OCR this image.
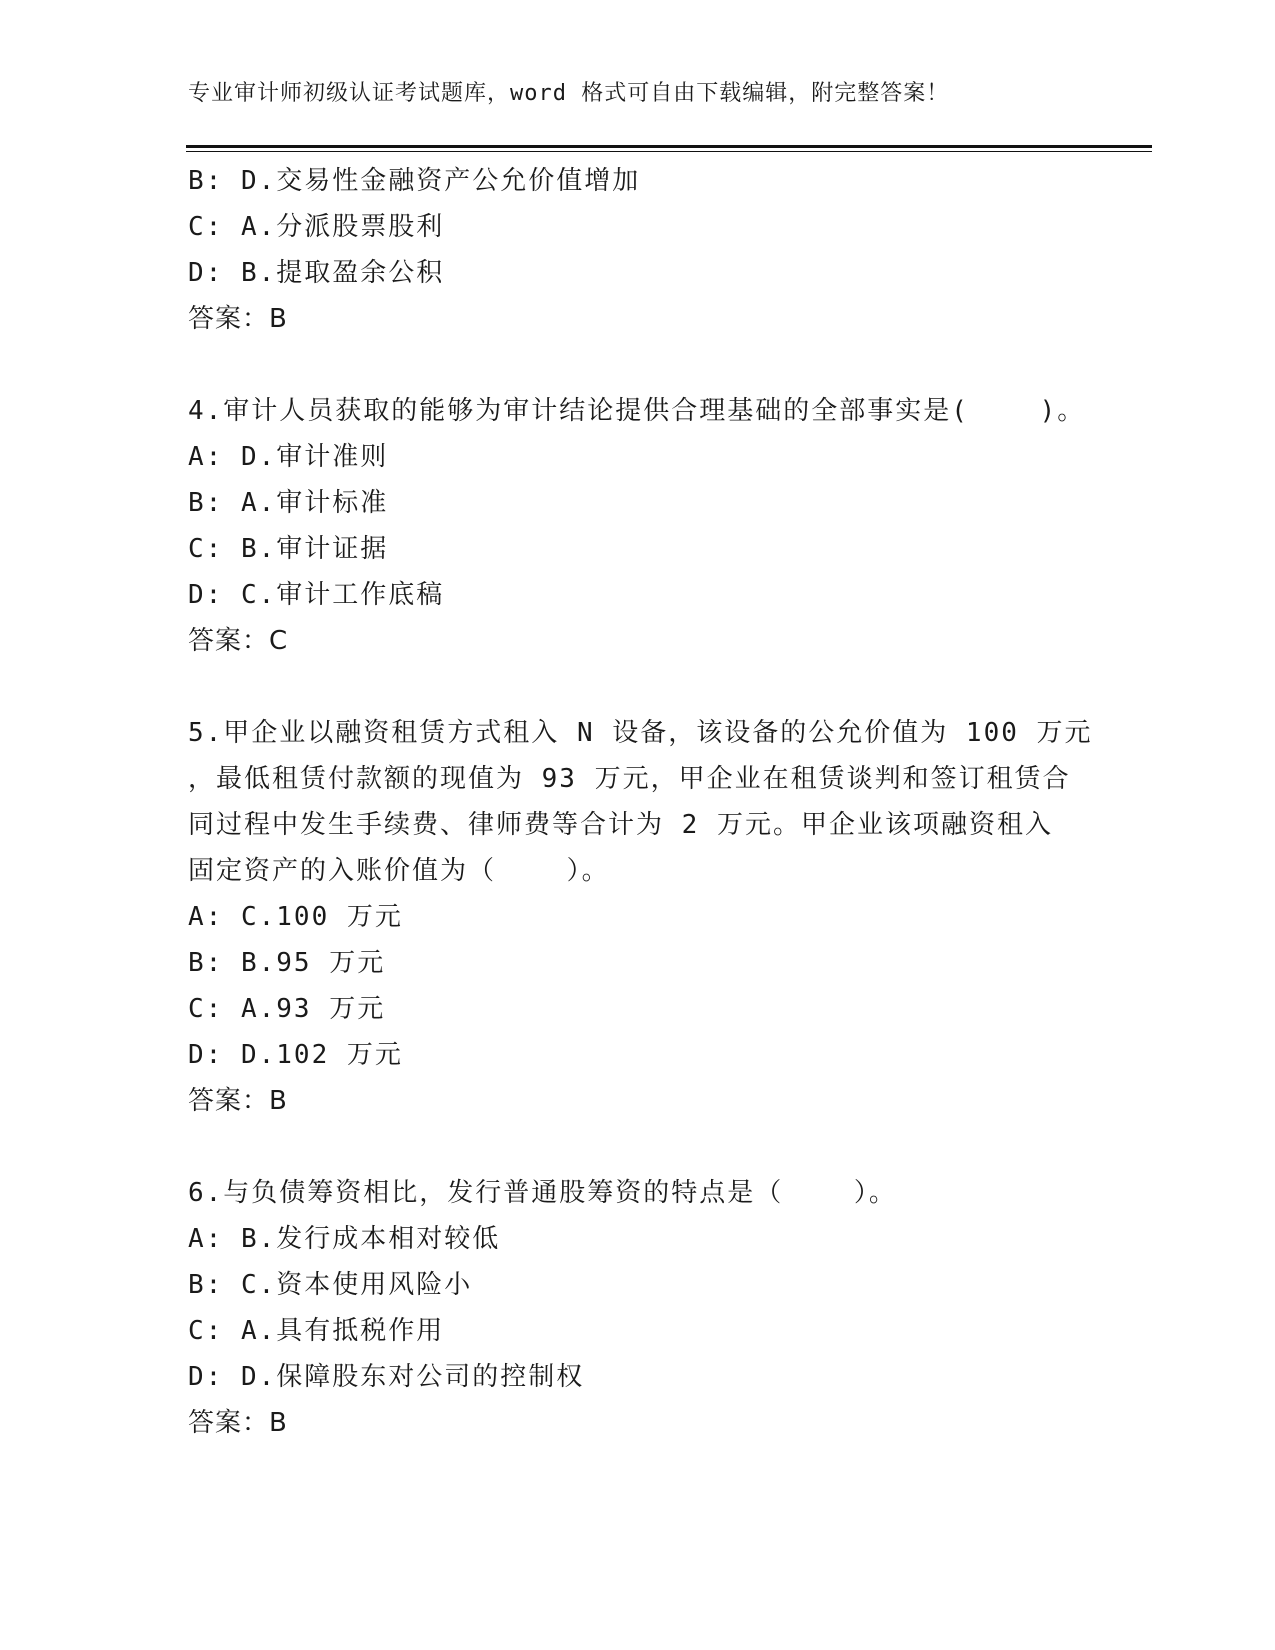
专业审计师初级认证考试题库，word 格式可自由下载编辑，附完整答案！
B: D.交易性金融资产公允价值增加
C: A.分派股票股利
D: B.提取盈余公积
答案：B
4.审计人员获取的能够为审计结论提供合理基础的全部事实是(    )。
A: D.审计准则
B: A.审计标准
C: B.审计证据
D: C.审计工作底稿
答案：C
5.甲企业以融资租赁方式租入 N 设备，该设备的公允价值为 100 万元
，最低租赁付款额的现值为 93 万元，甲企业在租赁谈判和签订租赁合
同过程中发生手续费、律师费等合计为 2 万元。甲企业该项融资租入
固定资产的入账价值为（    ）。
A: C.100 万元
B: B.95 万元
C: A.93 万元
D: D.102 万元
答案：B
6.与负债筹资相比，发行普通股筹资的特点是（    ）。
A: B.发行成本相对较低
B: C.资本使用风险小
C: A.具有抵税作用
D: D.保障股东对公司的控制权
答案：B
